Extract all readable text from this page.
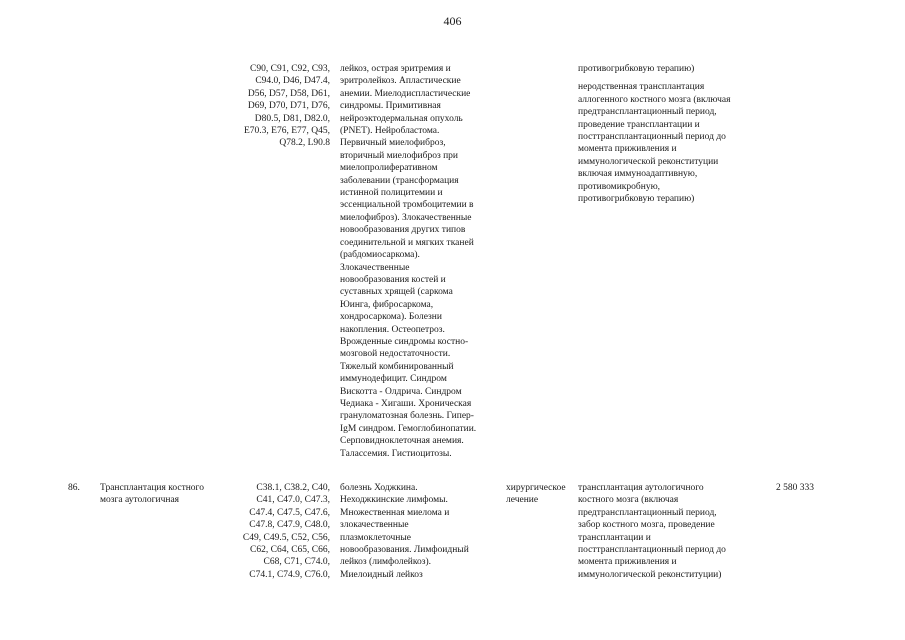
406
C90, C91, C92, C93,
C94.0, D46, D47.4,
D56, D57, D58, D61,
D69, D70, D71, D76,
D80.5, D81, D82.0,
E70.3, E76, E77, Q45,
Q78.2, L90.8
лейкоз, острая эритремия и
эритролейкоз. Апластические
анемии. Миелодиспластические
синдромы. Примитивная
нейроэктодермальная опухоль
(PNET). Нейробластома.
Первичный миелофиброз,
вторичный миелофиброз при
миелопролиферативном
заболевании (трансформация
истинной полицитемии и
эссенциальной тромбоцитемии в
миелофиброз). Злокачественные
новообразования других типов
соединительной и мягких тканей
(рабдомиосаркома).
Злокачественные
новообразования костей и
суставных хрящей (саркома
Юинга, фибросаркома,
хондросаркома). Болезни
накопления. Остеопетроз.
Врожденные синдромы костно-
мозговой недостаточности.
Тяжелый комбинированный
иммунодефицит. Синдром
Вискотта - Олдрича. Синдром
Чедиака - Хигаши. Хроническая
грануломатозная болезнь. Гипер-
IgM синдром. Гемоглобинопатии.
Серповидноклеточная анемия.
Талассемия. Гистиоцитозы.
противогрибковую терапию)
неродственная трансплантация
аллогенного костного мозга (включая
предтрансплантационный период,
проведение трансплантации и
посттрансплантационный период до
момента приживления и
иммунологической реконституции
включая иммуноадаптивную,
противомикробную,
противогрибковую терапию)
86.	Трансплантация костного
мозга аутологичная
C38.1, C38.2, C40,
C41, C47.0, C47.3,
C47.4, C47.5, C47.6,
C47.8, C47.9, C48.0,
C49, C49.5, C52, C56,
C62, C64, C65, C66,
C68, C71, C74.0,
C74.1, C74.9, C76.0,
болезнь Ходжкина.
Неходжкинские лимфомы.
Множественная миелома и
злокачественные
плазмоклеточные
новообразования. Лимфоидный
лейкоз (лимфолейкоз).
Миелоидный лейкоз
хирургическое
лечение
трансплантация аутологичного
костного мозга (включая
предтрансплантационный период,
забор костного мозга, проведение
трансплантации и
посттрансплантационный период до
момента приживления и
иммунологической реконституции)
2 580 333
